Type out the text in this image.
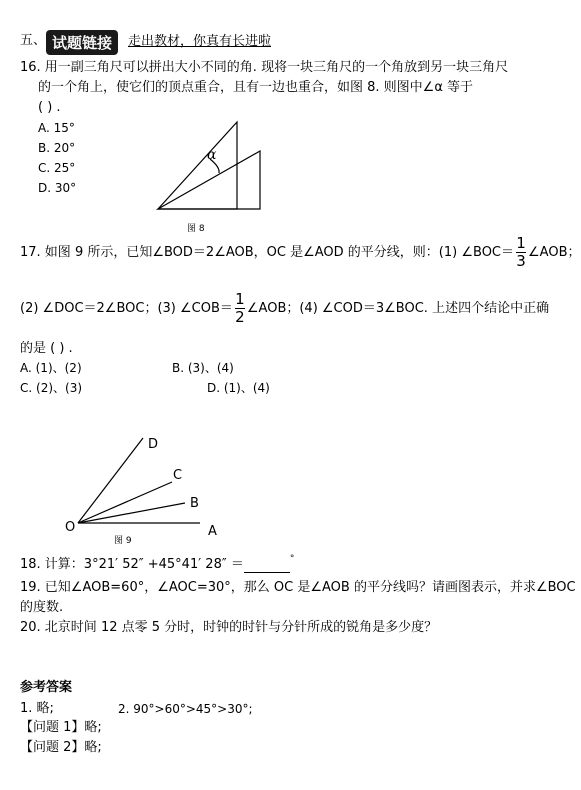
五、 试题链接	走出教材，你真有长进啦
16. 用一副三角尺可以拼出大小不同的角. 现将一块三角尺的一个角放到另一块三角尺
的一个角上，使它们的顶点重合，且有一边也重合，如图 8. 则图中∠α 等于
( ) .
A. 15°
B. 20°
C. 25°
D. 30°
α
图 8
17. 如图 9 所示，已知∠BOD＝2∠AOB，OC 是∠AOD 的平分线，则：(1) ∠BOC＝ $\frac{1}{3}$ ∠AOB；
(2) ∠DOC＝2∠BOC；(3) ∠COB＝ $\frac{1}{2}$ ∠AOB；(4) ∠COD＝3∠BOC. 上述四个结论中正确
的是 ( ) .
A. (1)、(2)	B. (3)、(4)
C. (2)、(3)	D. (1)、(4)
O	A
B
C
D
图 9
18. 计算：3°21′ 52″ +45°41′ 28″ ＝	°
19. 已知∠AOB=60°，∠AOC=30°，那么 OC 是∠AOB 的平分线吗？请画图表示，并求∠BOC
的度数.
20. 北京时间 12 点零 5 分时，时钟的时针与分针所成的锐角是多少度？
参考答案
1. 略;	2. 90°>60°>45°>30°;
【问题 1】略;
【问题 2】略;
